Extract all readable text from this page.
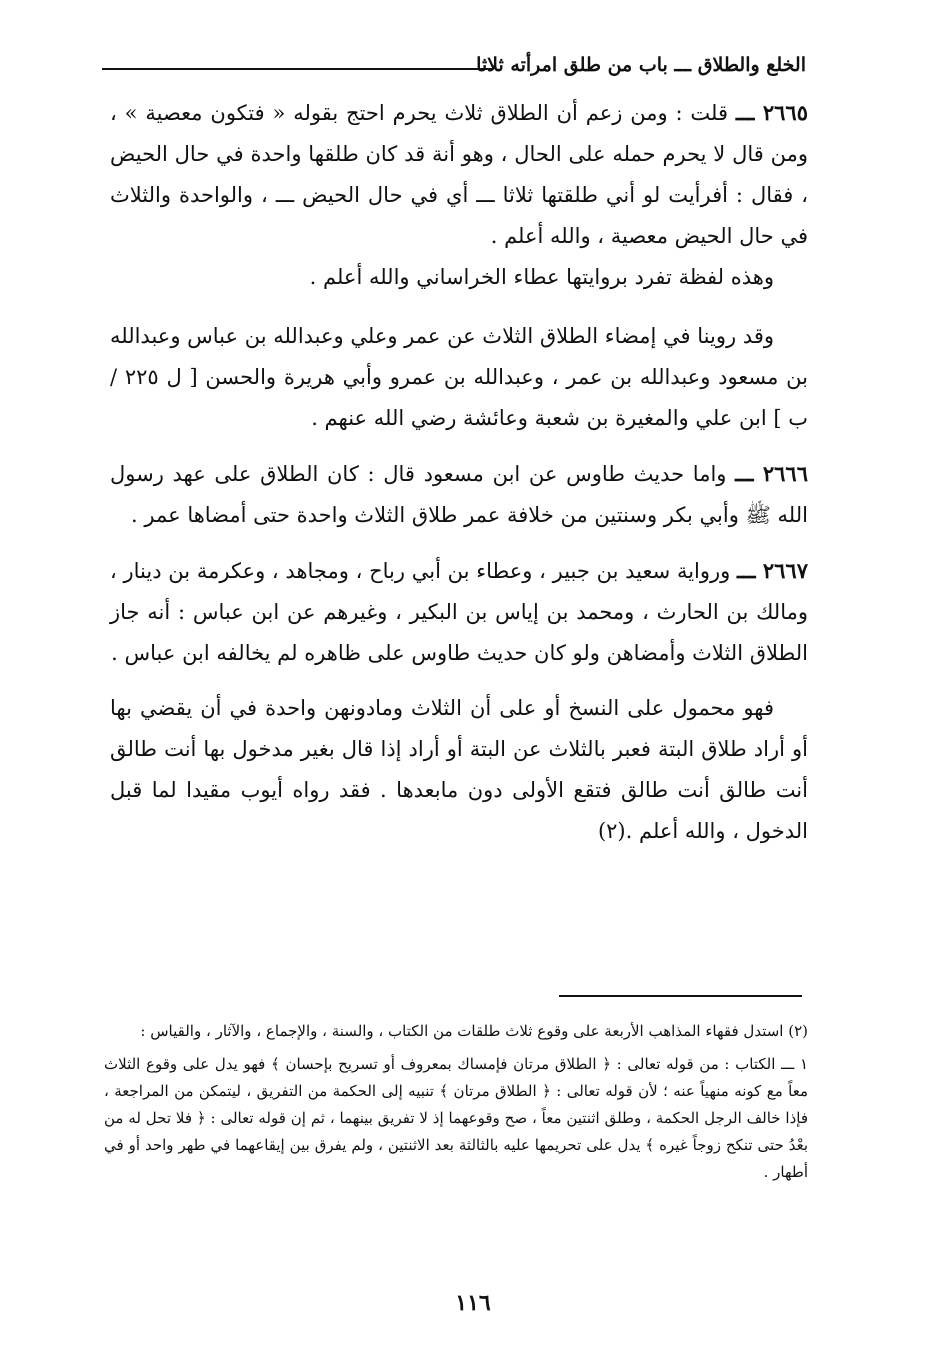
الخلع والطلاق ـــ باب من طلق امرأته ثلاثا

٢٦٦٥ ـــ قلت : ومن زعم أن الطلاق ثلاث يحرم احتج بقوله « فتكون معصية » ، ومن قال لا يحرم حمله على الحال ، وهو أنة قد كان طلقها واحدة في حال الحيض ، فقال : أفرأيت لو أني طلقتها ثلاثا ـــ أي في حال الحيض ـــ ، والواحدة والثلاث في حال الحيض معصية ، والله أعلم .

وهذه لفظة تفرد بروايتها عطاء الخراساني والله أعلم .

وقد روينا في إمضاء الطلاق الثلاث عن عمر وعلي وعبدالله بن عباس وعبدالله بن مسعود وعبدالله بن عمر ، وعبدالله بن عمرو وأبي هريرة والحسن [ ل ٢٢٥ / ب ] ابن علي والمغيرة بن شعبة وعائشة رضي الله عنهم .

٢٦٦٦ ـــ واما حديث طاوس عن ابن مسعود قال : كان الطلاق على عهد رسول الله ﷺ وأبي بكر وسنتين من خلافة عمر طلاق الثلاث واحدة حتى أمضاها عمر .

٢٦٦٧ ـــ ورواية سعيد بن جبير ، وعطاء بن أبي رباح ، ومجاهد ، وعكرمة بن دينار ، ومالك بن الحارث ، ومحمد بن إياس بن البكير ، وغيرهم عن ابن عباس : أنه جاز الطلاق الثلاث وأمضاهن ولو كان حديث طاوس على ظاهره لم يخالفه ابن عباس .

فهو محمول على النسخ أو على أن الثلاث ومادونهن واحدة في أن يقضي بها أو أراد طلاق البتة فعبر بالثلاث عن البتة أو أراد إذا قال بغير مدخول بها أنت طالق أنت طالق أنت طالق فتقع الأولى دون مابعدها . فقد رواه أيوب مقيدا لما قبل الدخول ، والله أعلم .(٢)

(٢) استدل فقهاء المذاهب الأربعة على وقوع ثلاث طلقات من الكتاب ، والسنة ، والإجماع ، والآثار ، والقياس :

١ ـــ الكتاب : من قوله تعالى : ﴿ الطلاق مرتان فإمساك بمعروف أو تسريح بإحسان ﴾ فهو يدل على وقوع الثلاث معاً مع كونه منهياً عنه ؛ لأن قوله تعالى : ﴿ الطلاق مرتان ﴾ تنبيه إلى الحكمة من التفريق ، ليتمكن من المراجعة ، فإذا خالف الرجل الحكمة ، وطلق اثنتين معاً ، صح وقوعهما إذ لا تفريق بينهما ، ثم إن قوله تعالى : ﴿ فلا تحل له من بعْدُ حتى تنكح زوجاً غيره ﴾ يدل على تحريمها عليه بالثالثة بعد الاثنتين ، ولم يفرق بين إيقاعهما في طهر واحد أو في أطهار .

١١٦
